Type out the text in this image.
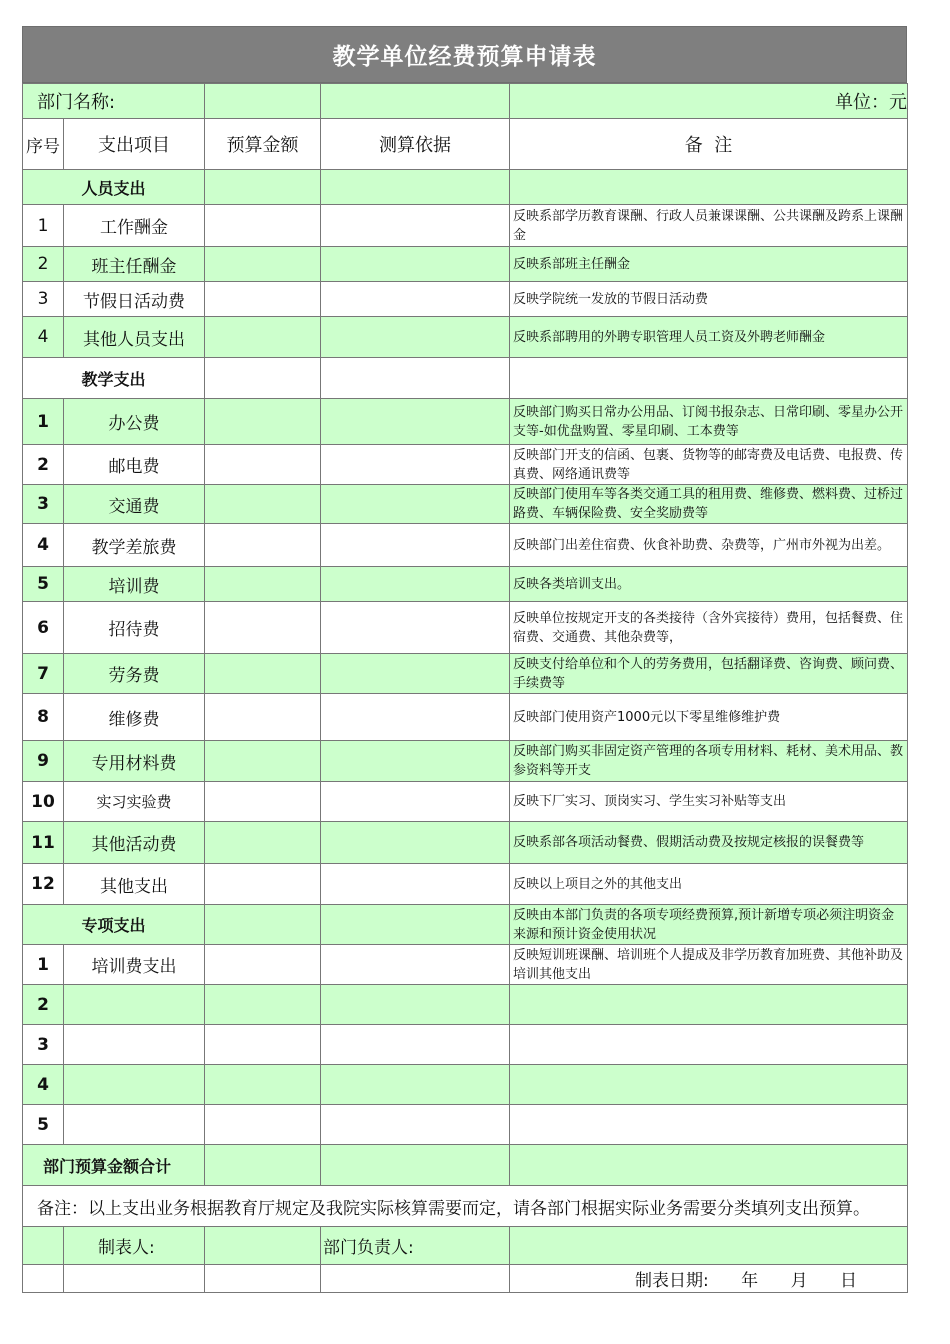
教学单位经费预算申请表
部门名称:				单位：元
序号	支出项目	预算金额	测算依据	备  注
人员支出				
1	工作酬金			反映系部学历教育课酬、行政人员兼课课酬、公共课酬及跨系上课酬金
2	班主任酬金			反映系部班主任酬金
3	节假日活动费			反映学院统一发放的节假日活动费
4	其他人员支出			反映系部聘用的外聘专职管理人员工资及外聘老师酬金
教学支出				
1	办公费			反映部门购买日常办公用品、订阅书报杂志、日常印刷、零星办公开支等-如优盘购置、零星印刷、工本费等
2	邮电费			反映部门开支的信函、包裹、货物等的邮寄费及电话费、电报费、传真费、网络通讯费等
3	交通费			反映部门使用车等各类交通工具的租用费、维修费、燃料费、过桥过路费、车辆保险费、安全奖励费等
4	教学差旅费			反映部门出差住宿费、伙食补助费、杂费等，广州市外视为出差。
5	培训费			反映各类培训支出。
6	招待费			反映单位按规定开支的各类接待（含外宾接待）费用，包括餐费、住宿费、交通费、其他杂费等，
7	劳务费			反映支付给单位和个人的劳务费用，包括翻译费、咨询费、顾问费、手续费等
8	维修费			反映部门使用资产1000元以下零星维修维护费
9	专用材料费			反映部门购买非固定资产管理的各项专用材料、耗材、美术用品、教参资料等开支
10	实习实验费			反映下厂实习、顶岗实习、学生实习补贴等支出
11	其他活动费			反映系部各项活动餐费、假期活动费及按规定核报的误餐费等
12	其他支出			反映以上项目之外的其他支出
专项支出				反映由本部门负责的各项专项经费预算,预计新增专项必须注明资金来源和预计资金使用状况
1	培训费支出			反映短训班课酬、培训班个人提成及非学历教育加班费、其他补助及培训其他支出
2				
3				
4				
5				
部门预算金额合计				
备注：以上支出业务根据教育厅规定及我院实际核算需要而定，请各部门根据实际业务需要分类填列支出预算。				
	制表人:		部门负责人:	
				制表日期:      年      月      日
